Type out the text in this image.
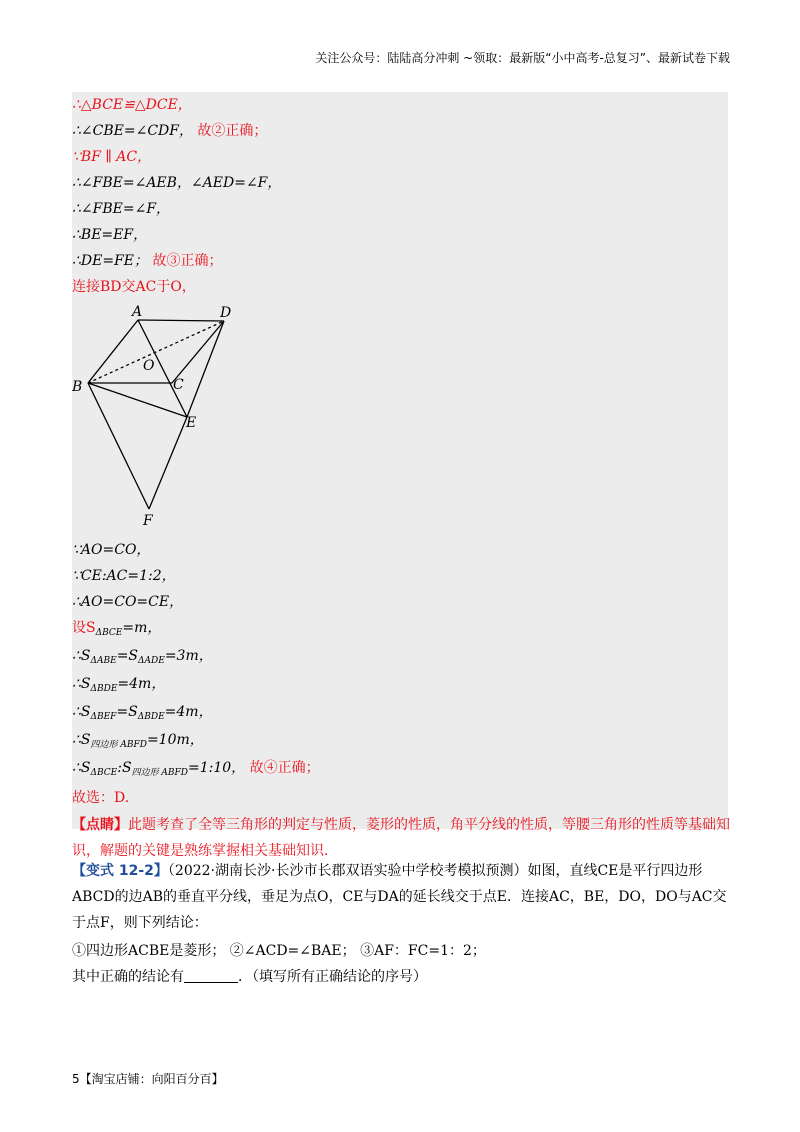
关注公众号：陆陆高分冲刺 ~领取：最新版“小中高考-总复习”、最新试卷下载
∴△BCE≌△DCE，
∴∠CBE=∠CDF， 故②正确；
∵BF ∥ AC，
∴∠FBE=∠AEB，∠AED=∠F，
∴∠FBE=∠F，
∴BE=EF，
∴DE=FE； 故③正确；
连接BD交AC于O，
A	D
O
B	C
E
F
∵AO=CO，
∵CE:AC=1:2，
∴AO=CO=CE，
设$S_{\Delta BCE}=m$，
$\therefore S_{\Delta ABE}=S_{\Delta ADE}=3m$，
$\therefore S_{\Delta BDE}=4m$，
$\therefore S_{\Delta BEF}=S_{\Delta BDE}=4m$，
$\therefore S_{四边形 ABFD}=10m$，
$\therefore S_{\Delta BCE}:S_{四边形 ABFD}=1:10$， 故④正确；
故选：D.
【点睛】此题考查了全等三角形的判定与性质，菱形的性质，角平分线的性质，等腰三角形的性质等基础知识，解题的关键是熟练掌握相关基础知识.
【变式 12-2】（2022·湖南长沙·长沙市长郡双语实验中学校考模拟预测）如图，直线CE是平行四边形ABCD的边AB的垂直平分线，垂足为点O，CE与DA的延长线交于点E．连接AC，BE，DO，DO与AC交于点F，则下列结论：
①四边形ACBE是菱形； ②∠ACD=∠BAE； ③AF：FC=1：2；
其中正确的结论有	．（填写所有正确结论的序号）
5【淘宝店铺：向阳百分百】
